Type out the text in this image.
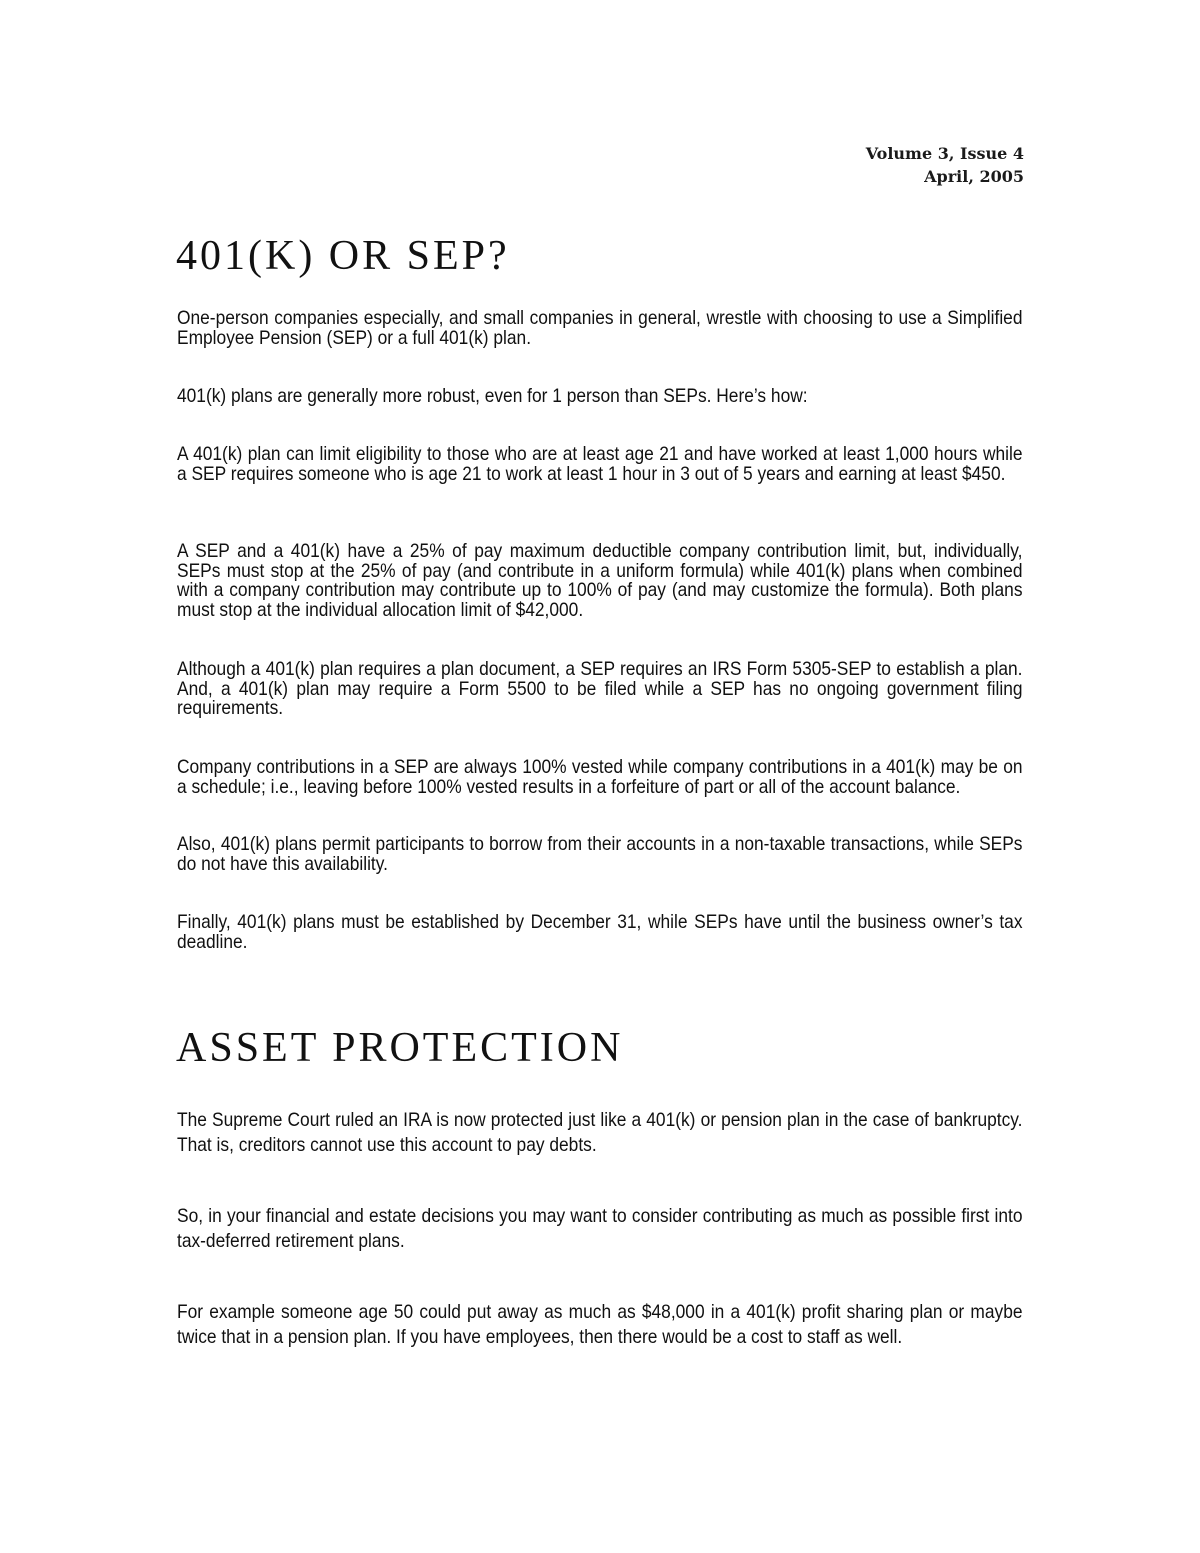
Volume 3, Issue 4
April, 2005
401(K) OR SEP?

One-person companies especially, and small companies in general, wrestle with choosing to use a Simplified Employee Pension (SEP) or a full 401(k) plan.

401(k) plans are generally more robust, even for 1 person than SEPs. Here’s how:

A 401(k) plan can limit eligibility to those who are at least age 21 and have worked at least 1,000 hours while a SEP requires someone who is age 21 to work at least 1 hour in 3 out of 5 years and earning at least $450.

A SEP and a 401(k) have a 25% of pay maximum deductible company contribution limit, but, individually, SEPs must stop at the 25% of pay (and contribute in a uniform formula) while 401(k) plans when combined with a company contribution may contribute up to 100% of pay (and may customize the formula). Both plans must stop at the individual allocation limit of $42,000.

Although a 401(k) plan requires a plan document, a SEP requires an IRS Form 5305-SEP to establish a plan. And, a 401(k) plan may require a Form 5500 to be filed while a SEP has no ongoing government filing requirements.

Company contributions in a SEP are always 100% vested while company contributions in a 401(k) may be on a schedule; i.e., leaving before 100% vested results in a forfeiture of part or all of the account balance.

Also, 401(k) plans permit participants to borrow from their accounts in a non-taxable transactions, while SEPs do not have this availability.

Finally, 401(k) plans must be established by December 31, while SEPs have until the business owner’s tax deadline.

ASSET PROTECTION

The Supreme Court ruled an IRA is now protected just like a 401(k) or pension plan in the case of bankruptcy. That is, creditors cannot use this account to pay debts.

So, in your financial and estate decisions you may want to consider contributing as much as possible first into tax-deferred retirement plans.

For example someone age 50 could put away as much as $48,000 in a 401(k) profit sharing plan or maybe twice that in a pension plan. If you have employees, then there would be a cost to staff as well.
